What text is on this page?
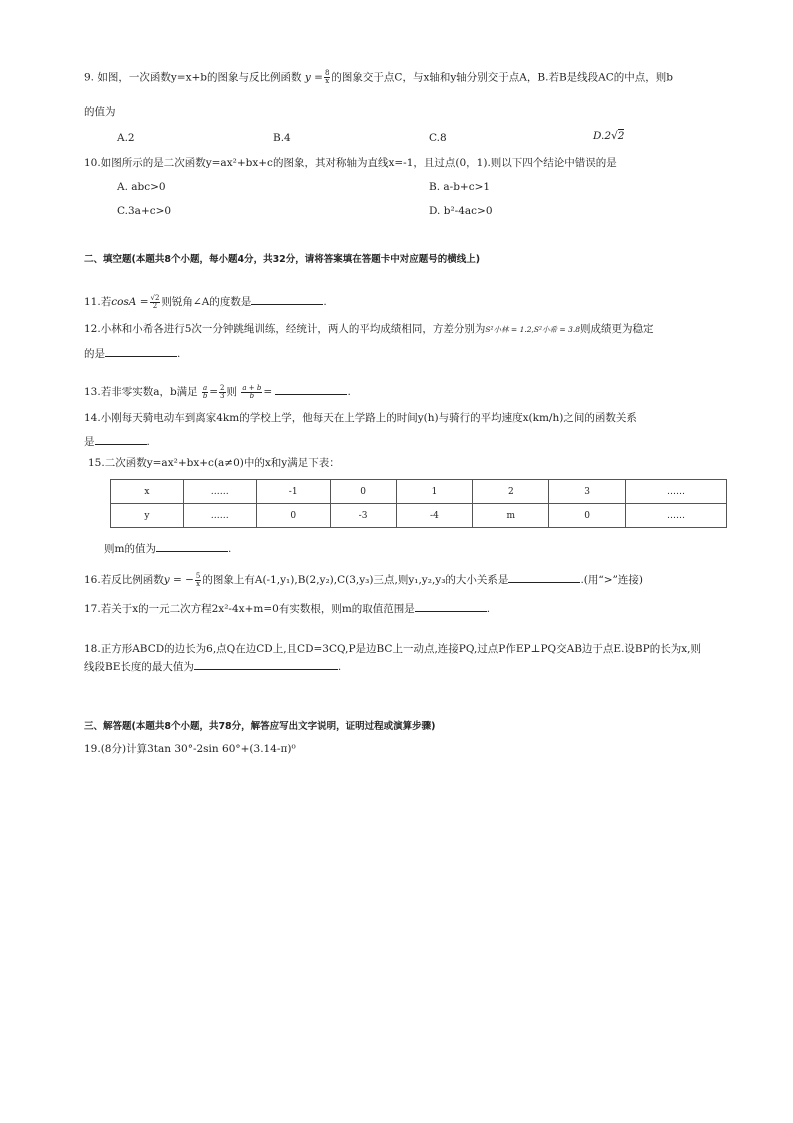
9. 如图，一次函数y=x+b的图象与反比例函数 $y = \frac{8}{x}$ 的图象交于点C，与x轴和y轴分别交于点A，B.若B是线段AC的中点，则b
的值为
A.2	B.4	C.8	D.2√2
10.如图所示的是二次函数y=ax²+bx+c的图象，其对称轴为直线x=-1，且过点(0，1).则以下四个结论中错误的是
A. abc>0	B. a-b+c>1
C.3a+c>0	D. b²-4ac>0
二、填空题(本题共8个小题，每小题4分，共32分，请将答案填在答题卡中对应题号的横线上)
11.若$\cos A = \frac{√2}{2}$ 则锐角∠A的度数是	.
12.小林和小希各进行5次一分钟跳绳训练，经统计，两人的平均成绩相同，方差分别为S²小林 = 1.2,S²小希 = 3.8则成绩更为稳定
的是	.
13.若非零实数a，b满足 $\frac{a}{b} = \frac{2}{3}$ 则 $\frac{a + b}{b}$ =	.
14.小刚每天骑电动车到离家4km的学校上学，他每天在上学路上的时间y(h)与骑行的平均速度x(km/h)之间的函数关系
是	.
15.二次函数y=ax²+bx+c(a≠0)中的x和y满足下表：
x	……	-1	0	1	2	3	……
y	……	0	-3	-4	m	0	……
则m的值为	.
16.若反比例函数y = − $\frac{5}{x}$ 的图象上有A(-1,y₁),B(2,y₂),C(3,y₃)三点,则y₁,y₂,y₃的大小关系是	.(用“>”连接)
17.若关于x的一元二次方程2x²-4x+m=0有实数根，则m的取值范围是	.
18.正方形ABCD的边长为6,点Q在边CD上,且CD=3CQ,P是边BC上一动点,连接PQ,过点P作EP⊥PQ交AB边于点E.设BP的长为x,则
线段BE长度的最大值为	.
三、解答题(本题共8个小题，共78分，解答应写出文字说明，证明过程或演算步骤)
19.(8分)计算3tan 30°-2sin 60°+(3.14-π)⁰
